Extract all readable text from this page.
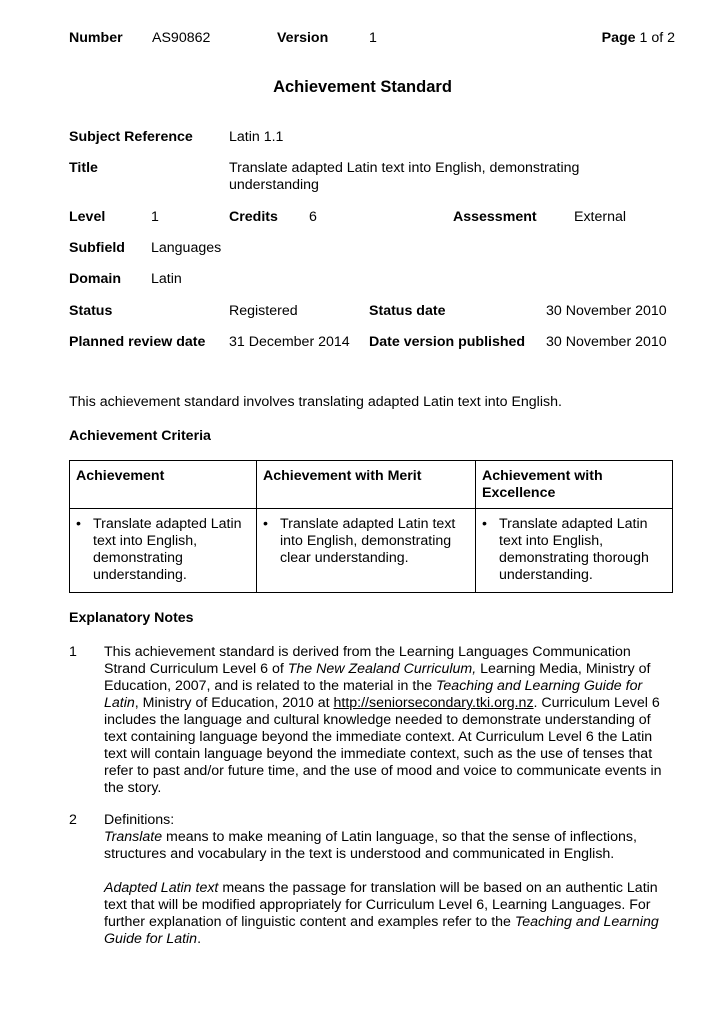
Number AS90862	Version	1	Page 1 of 2
Achievement Standard
Subject Reference	Latin 1.1
Title	Translate adapted Latin text into English, demonstrating
understanding
Level	1	Credits 6	Assessment	External
Subfield Languages
Domain Latin
Status	Registered	Status date	30 November 2010
Planned review date 31 December 2014 Date version published 30 November 2010
This achievement standard involves translating adapted Latin text into English.
Achievement Criteria
Achievement	Achievement with Merit	Achievement with Excellence

• Translate adapted Latin text into English, demonstrating understanding.	• Translate adapted Latin text into English, demonstrating clear understanding.	• Translate adapted Latin text into English, demonstrating thorough understanding.
Explanatory Notes
1 This achievement standard is derived from the Learning Languages Communication Strand Curriculum Level 6 of The New Zealand Curriculum, Learning Media, Ministry of Education, 2007, and is related to the material in the Teaching and Learning Guide for Latin, Ministry of Education, 2010 at http://seniorsecondary.tki.org.nz. Curriculum Level 6 includes the language and cultural knowledge needed to demonstrate understanding of text containing language beyond the immediate context. At Curriculum Level 6 the Latin text will contain language beyond the immediate context, such as the use of tenses that refer to past and/or future time, and the use of mood and voice to communicate events in the story.

2 Definitions:

Translate means to make meaning of Latin language, so that the sense of inflections, structures and vocabulary in the text is understood and communicated in English.

Adapted Latin text means the passage for translation will be based on an authentic Latin text that will be modified appropriately for Curriculum Level 6, Learning Languages. For further explanation of linguistic content and examples refer to the Teaching and Learning Guide for Latin.
